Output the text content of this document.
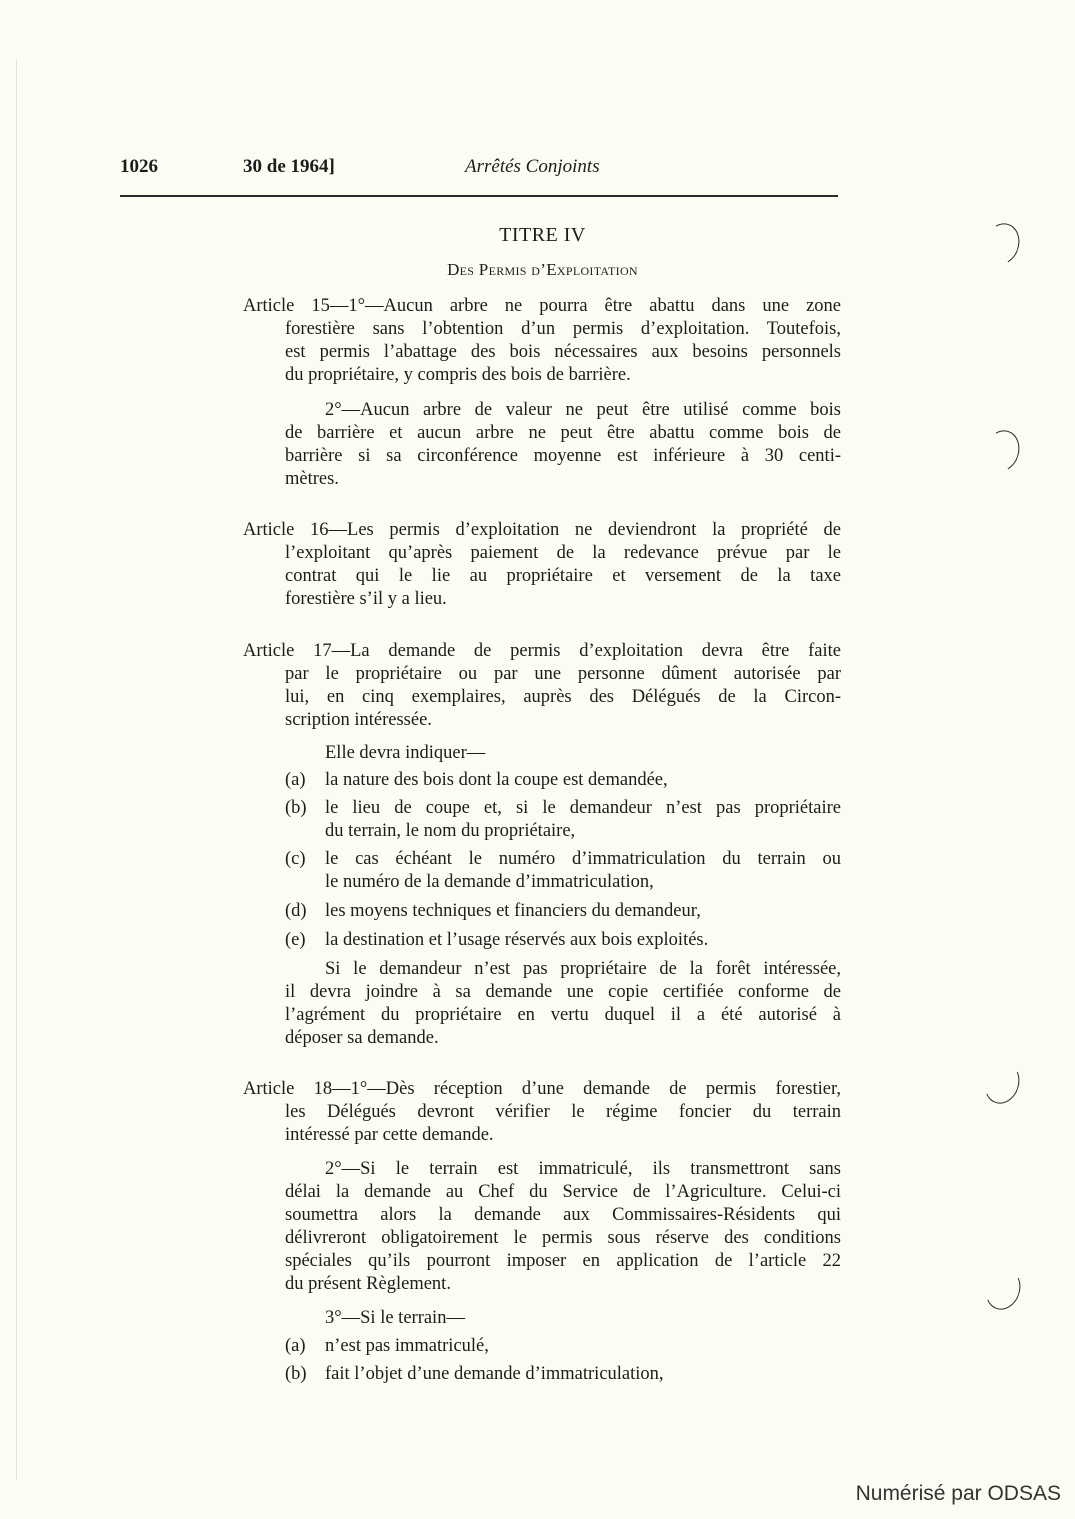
1026	30 de 1964]	Arrêtés Conjoints
TITRE IV
Des Permis d’Exploitation
Article 15—1°—Aucun arbre ne pourra être abattu dans une zone
forestière sans l’obtention d’un permis d’exploitation. Toutefois,
est permis l’abattage des bois nécessaires aux besoins personnels
du propriétaire, y compris des bois de barrière.
2°—Aucun arbre de valeur ne peut être utilisé comme bois
de barrière et aucun arbre ne peut être abattu comme bois de
barrière si sa circonférence moyenne est inférieure à 30 centi-
mètres.
Article 16—Les permis d’exploitation ne deviendront la propriété de
l’exploitant qu’après paiement de la redevance prévue par le
contrat qui le lie au propriétaire et versement de la taxe
forestière s’il y a lieu.
Article 17—La demande de permis d’exploitation devra être faite
par le propriétaire ou par une personne dûment autorisée par
lui, en cinq exemplaires, auprès des Délégués de la Circon-
scription intéressée.
Elle devra indiquer—
(a) la nature des bois dont la coupe est demandée,
(b) le lieu de coupe et, si le demandeur n’est pas propriétaire
du terrain, le nom du propriétaire,
(c) le cas échéant le numéro d’immatriculation du terrain ou
le numéro de la demande d’immatriculation,
(d) les moyens techniques et financiers du demandeur,
(e) la destination et l’usage réservés aux bois exploités.
Si le demandeur n’est pas propriétaire de la forêt intéressée,
il devra joindre à sa demande une copie certifiée conforme de
l’agrément du propriétaire en vertu duquel il a été autorisé à
déposer sa demande.
Article 18—1°—Dès réception d’une demande de permis forestier,
les Délégués devront vérifier le régime foncier du terrain
intéressé par cette demande.
2°—Si le terrain est immatriculé, ils transmettront sans
délai la demande au Chef du Service de l’Agriculture. Celui-ci
soumettra alors la demande aux Commissaires-Résidents qui
délivreront obligatoirement le permis sous réserve des conditions
spéciales qu’ils pourront imposer en application de l’article 22
du présent Règlement.
3°—Si le terrain—
(a) n’est pas immatriculé,
(b) fait l’objet d’une demande d’immatriculation,
Numérisé par ODSAS
